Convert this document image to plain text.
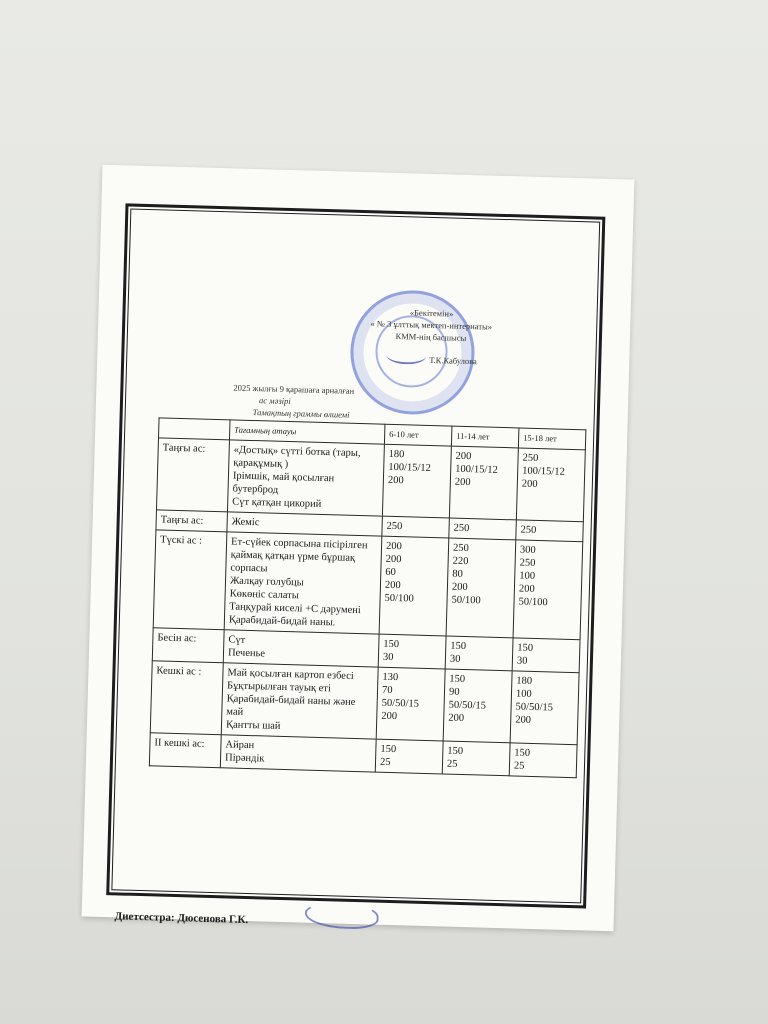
«Бекітемін»
« № 3 ұлттық мектеп-интернаты»
КММ-нің басшысы
Т.К.Кабулова
2025 жылғы 9 қарашаға арналған
ас мәзірі
Тамақтың граммы өлшемі
	Тағамның атауы	6-10 лет	11-14 лет	15-18 лет
Таңғы ас:	«Достық» сүтті ботка (тары, қарақұмық )
Ірімшік, май қосылған бутерброд
Сүт қатқан цикорий	180
100/15/12
200	200
100/15/12
200	250
100/15/12
200

Таңғы ас:	Жеміс	250	250	250

Түскі ас :	Ет-сүйек сорпасына пісірілген қаймақ қатқан үрме бұршақ сорпасы
Жалқау голубцы
Көкөніс салаты
Таңқурай киселі +С дәрумені
Қарабидай-бидай наны.	200
200
60
200
50/100	250
220
80
200
50/100	300
250
100
200
50/100

Бесін ас:	Сүт
Печенье	150
30	150
30	150
30

Кешкі ас :	Май қосылған картоп езбесі
Бұқтырылған тауық еті
Қарабидай-бидай наны және май
Қантты шай	130
70
50/50/15
200	150
90
50/50/15
200	180
100
50/50/15
200

II кешкі ас:	Айран
Пірәндік	150
25	150
25	150
25
Диетсестра: Дюсенова Г.К.
